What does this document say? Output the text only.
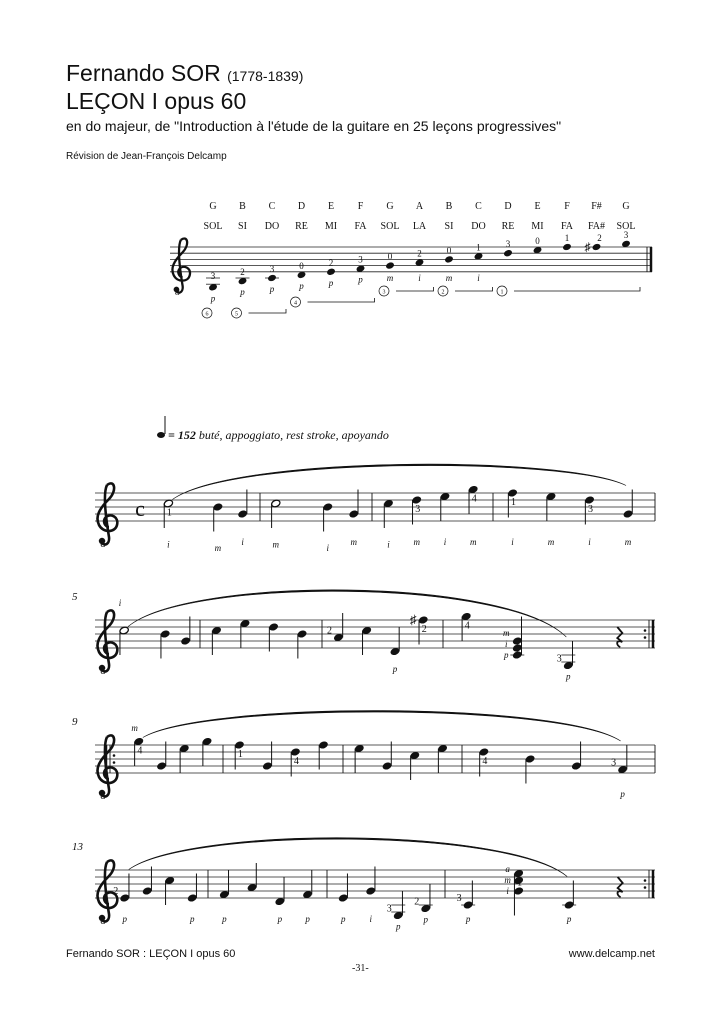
Fernando SOR (1778-1839)
LEÇON I opus 60
en do majeur, de "Introduction à l'étude de la guitare en 25 leçons progressives"
Révision de Jean-François Delcamp
8
G B C D E F G A B C D E F F# G
SOL SI DO RE MI FA SOL LA SI DO RE MI FA FA# SOL
3
p
2
p
3
p
0
p
2
p
3
p
0
m
2
i
0
m
1
i
3	0	1
♯
2 3
6	5
4
3	2	1
= 152 buté, appoggiato, rest stroke, apoyando
8
c 1
i	m
i	m	i
m	i
3
m	i
4
m
1
i	m
3
i	m
8
5	i
2
p
♯
2	4
p
i
m
3
p
8
9
4
m
1
4	4	3
p
8
13
2
p	p	p	p	p	p	i
3
p
2
p
3
p
1
i
m
a
p
Fernando SOR : LEÇON I opus 60	www.delcamp.net
-31-
